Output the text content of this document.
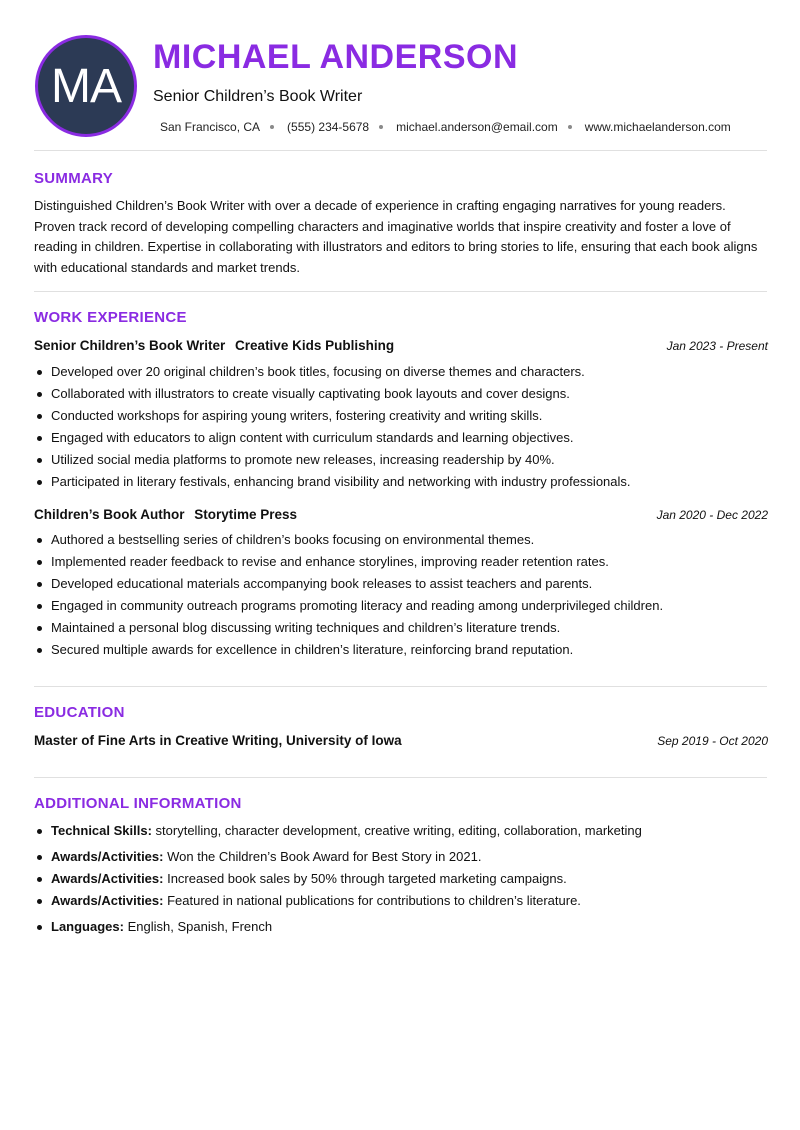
MA
MICHAEL ANDERSON
Senior Children’s Book Writer
San Francisco, CA (555) 234-5678 michael.anderson@email.com www.michaelanderson.com
SUMMARY
Distinguished Children’s Book Writer with over a decade of experience in crafting engaging narratives for young readers. Proven track record of developing compelling characters and imaginative worlds that inspire creativity and foster a love of reading in children. Expertise in collaborating with illustrators and editors to bring stories to life, ensuring that each book aligns with educational standards and market trends.
WORK EXPERIENCE
Senior Children’s Book Writer Creative Kids Publishing	Jan 2023 - Present
Developed over 20 original children’s book titles, focusing on diverse themes and characters.
Collaborated with illustrators to create visually captivating book layouts and cover designs.
Conducted workshops for aspiring young writers, fostering creativity and writing skills.
Engaged with educators to align content with curriculum standards and learning objectives.
Utilized social media platforms to promote new releases, increasing readership by 40%.
Participated in literary festivals, enhancing brand visibility and networking with industry professionals.
Children’s Book Author Storytime Press	Jan 2020 - Dec 2022
Authored a bestselling series of children’s books focusing on environmental themes.
Implemented reader feedback to revise and enhance storylines, improving reader retention rates.
Developed educational materials accompanying book releases to assist teachers and parents.
Engaged in community outreach programs promoting literacy and reading among underprivileged children.
Maintained a personal blog discussing writing techniques and children’s literature trends.
Secured multiple awards for excellence in children’s literature, reinforcing brand reputation.
EDUCATION
Master of Fine Arts in Creative Writing, University of Iowa	Sep 2019 - Oct 2020
ADDITIONAL INFORMATION
Technical Skills: storytelling, character development, creative writing, editing, collaboration, marketing
Awards/Activities: Won the Children’s Book Award for Best Story in 2021.
Awards/Activities: Increased book sales by 50% through targeted marketing campaigns.
Awards/Activities: Featured in national publications for contributions to children’s literature.
Languages: English, Spanish, French
